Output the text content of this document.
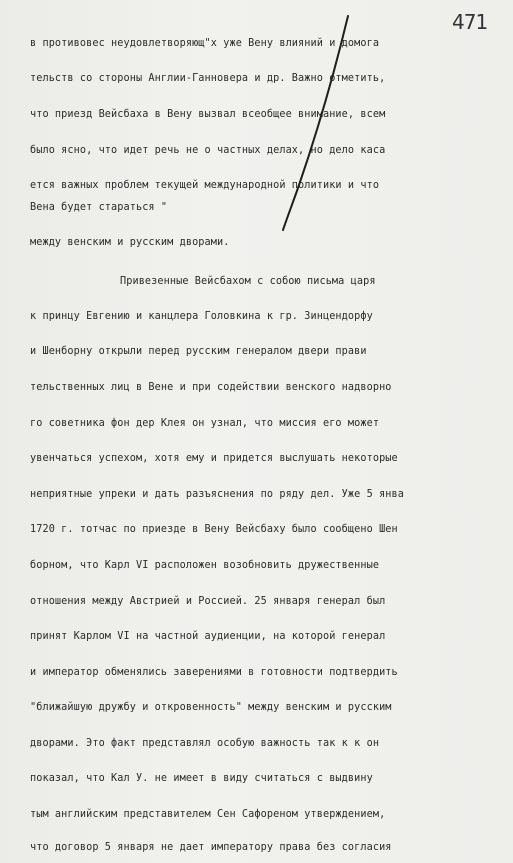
471
в противовес неудовлетворяющ"х уже Вену влияний и домога
тельств со стороны Англии-Ганновера и др. Важно отметить,
что приезд Вейсбаха в Вену вызвал всеобщее внимание, всем
было ясно, что идет речь не о частных делах, но дело каса
ется важных проблем текущей международной политики и что
Вена будет стараться "
между венским и русским дворами.
Привезенные Вейсбахом с собою письма царя
к принцу Евгению и канцлера Головкина к гр. Зинцендорфу
и Шенборну открыли перед русским генералом двери прави
тельственных лиц в Вене и при содействии венского надворно
го советника фон дер Клея он узнал, что миссия его может
увенчаться успехом, хотя ему и придется выслушать некоторые
неприятные упреки и дать разъяснения по ряду дел. Уже 5 янва
1720 г. тотчас по приезде в Вену Вейсбаху было сообщено Шен
борном, что Карл VI расположен возобновить дружественные
отношения между Австрией и Россией. 25 января генерал был
принят Карлом VI на частной аудиенции, на которой генерал
и император обменялись заверениями в готовности подтвердить
"ближайшую дружбу и откровенность" между венским и русским
дворами. Это факт представлял особую важность так к к он
показал, что Кал У. не имеет в виду считаться с выдвину
тым английским представителем Сен Сафореном утверждением,
что договор 5 января не дает императору права без согласия
